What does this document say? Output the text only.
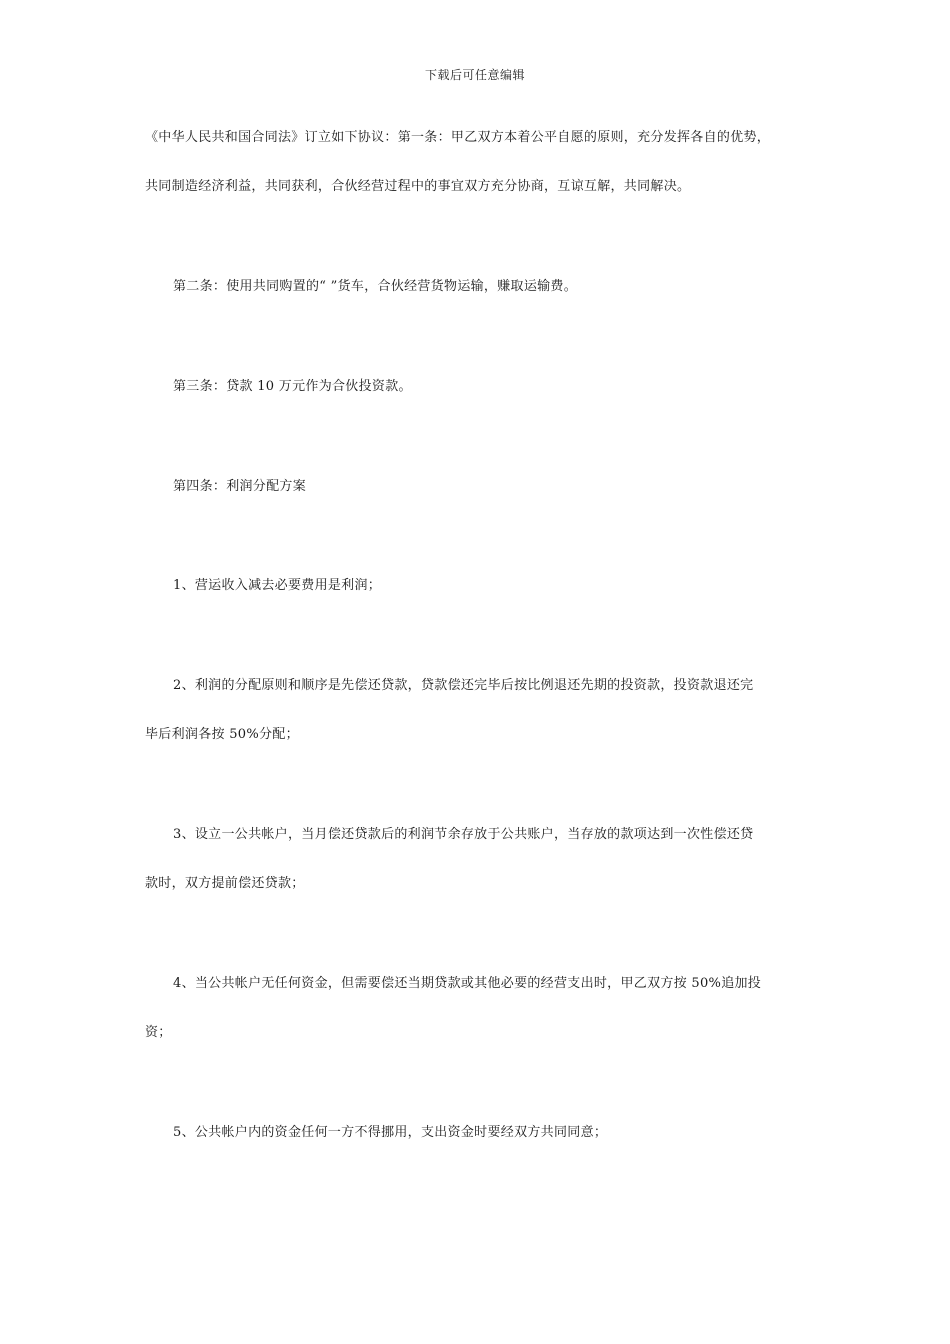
下载后可任意编辑
《中华人民共和国合同法》订立如下协议：第一条：甲乙双方本着公平自愿的原则，充分发挥各自的优势，
共同制造经济利益，共同获利，合伙经营过程中的事宜双方充分协商，互谅互解，共同解决。
第二条：使用共同购置的“ ”货车，合伙经营货物运输，赚取运输费。
第三条：贷款 10 万元作为合伙投资款。
第四条：利润分配方案
1、营运收入减去必要费用是利润；
2、利润的分配原则和顺序是先偿还贷款，贷款偿还完毕后按比例退还先期的投资款，投资款退还完
毕后利润各按 50%分配；
3、设立一公共帐户，当月偿还贷款后的利润节余存放于公共账户，当存放的款项达到一次性偿还贷
款时，双方提前偿还贷款；
4、当公共帐户无任何资金，但需要偿还当期贷款或其他必要的经营支出时，甲乙双方按 50%追加投
资；
5、公共帐户内的资金任何一方不得挪用，支出资金时要经双方共同同意；
